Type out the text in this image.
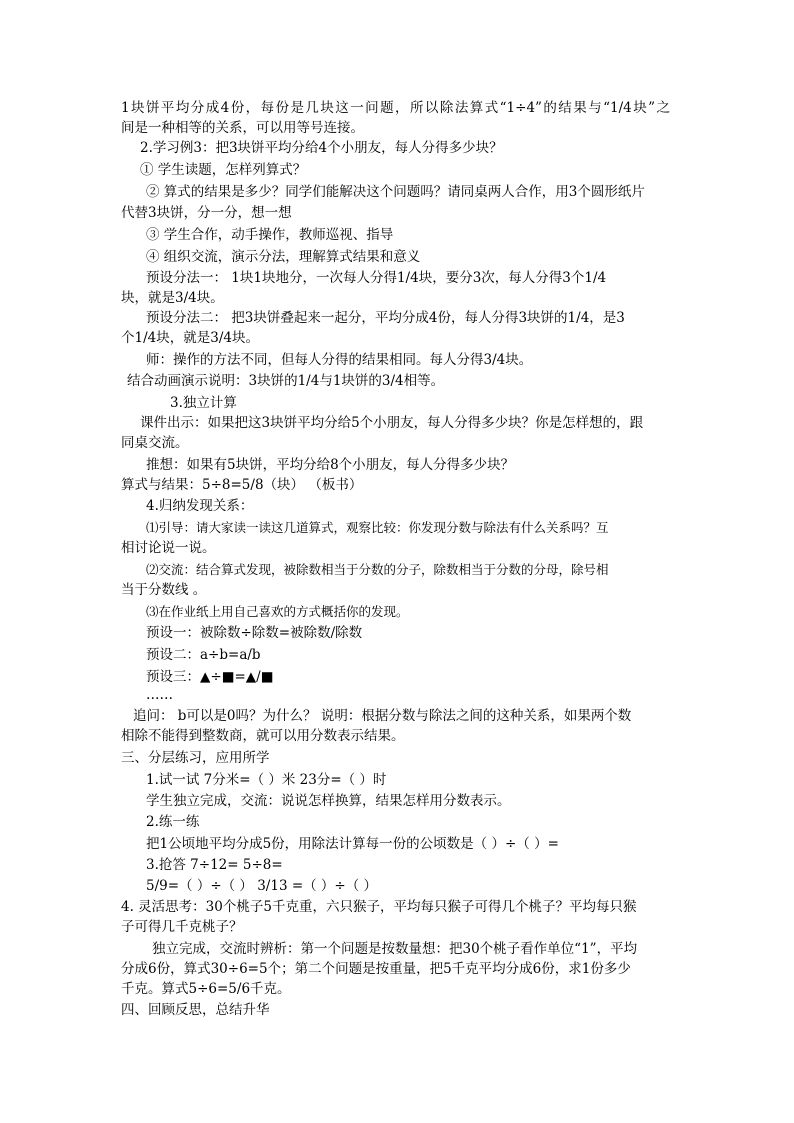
1块饼平均分成4份，每份是几块这一问题，所以除法算式“1÷4”的结果与“1/4块”之
间是一种相等的关系，可以用等号连接。
2.学习例3：把3块饼平均分给4个小朋友，每人分得多少块？
① 学生读题，怎样列算式？
② 算式的结果是多少？同学们能解决这个问题吗？请同桌两人合作，用3个圆形纸片
代替3块饼，分一分，想一想
③ 学生合作，动手操作，教师巡视、指导
④ 组织交流，演示分法，理解算式结果和意义
预设分法一： 1块1块地分，一次每人分得1/4块，要分3次，每人分得3个1/4
块，就是3/4块。
预设分法二： 把3块饼叠起来一起分，平均分成4份，每人分得3块饼的1/4，是3
个1/4块，就是3/4块。
师：操作的方法不同，但每人分得的结果相同。每人分得3/4块。
结合动画演示说明：3块饼的1/4与1块饼的3/4相等。
3.独立计算
课件出示：如果把这3块饼平均分给5个小朋友，每人分得多少块？你是怎样想的，跟
同桌交流。
推想：如果有5块饼，平均分给8个小朋友，每人分得多少块？
算式与结果：5÷8=5/8（块） （板书）
4.归纳发现关系：
⑴引导：请大家读一读这几道算式，观察比较：你发现分数与除法有什么关系吗？互
相讨论说一说。
⑵交流：结合算式发现，被除数相当于分数的分子，除数相当于分数的分母，除号相
当于分数线 。
⑶在作业纸上用自己喜欢的方式概括你的发现。
预设一：被除数÷除数=被除数/除数
预设二：a÷b=a/b
预设三：▲÷■=▲/■
……
追问： b可以是0吗？为什么？ 说明：根据分数与除法之间的这种关系，如果两个数
相除不能得到整数商，就可以用分数表示结果。
三、分层练习，应用所学
1.试一试 7分米=（ ）米 23分=（ ）时
学生独立完成，交流：说说怎样换算，结果怎样用分数表示。
2.练一练
把1公顷地平均分成5份，用除法计算每一份的公顷数是（ ）÷（ ）=
3.抢答 7÷12= 5÷8=
5/9=（ ）÷（ ） 3/13 =（ ）÷（ ）
4. 灵活思考：30个桃子5千克重，六只猴子，平均每只猴子可得几个桃子？平均每只猴
子可得几千克桃子？
独立完成，交流时辨析：第一个问题是按数量想：把30个桃子看作单位“1”，平均
分成6份，算式30÷6=5个；第二个问题是按重量，把5千克平均分成6份，求1份多少
千克。算式5÷6=5/6千克。
四、回顾反思，总结升华
